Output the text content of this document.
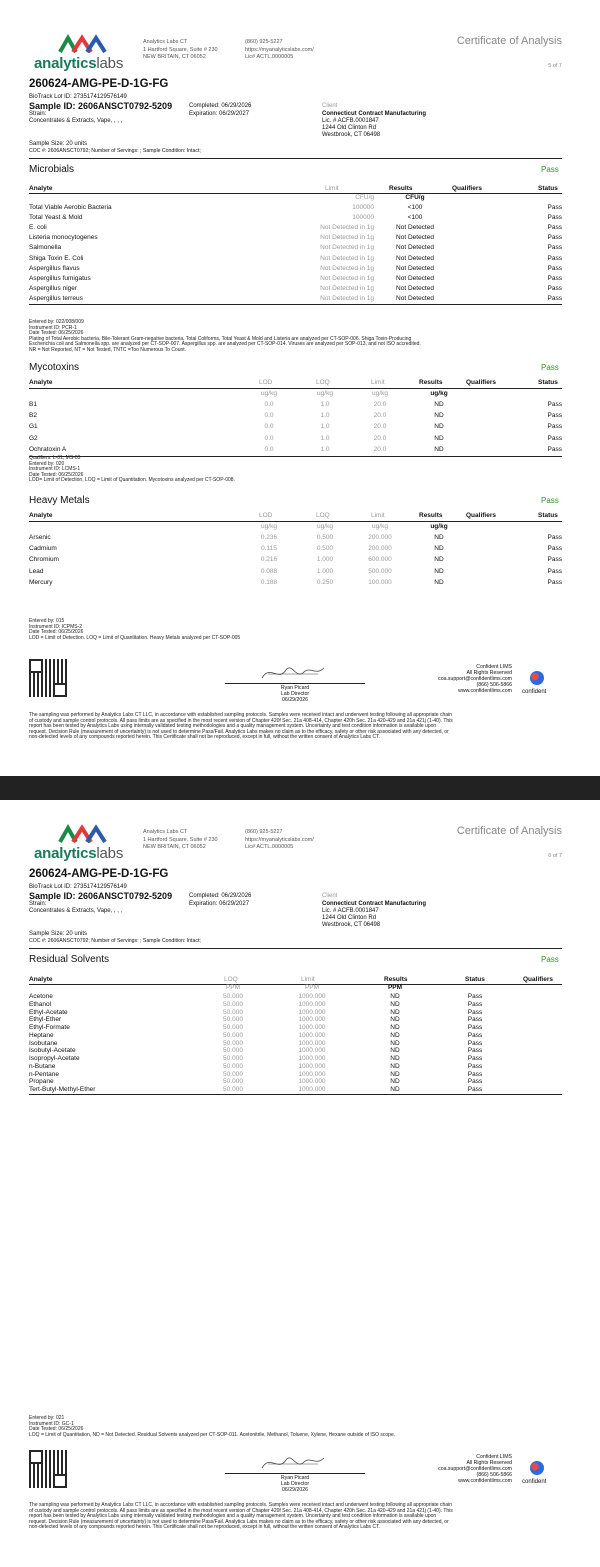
analyticslabs
Analytics Labs CT
1 Hartford Square, Suite # 230
NEW BRITAIN, CT 06052
(860) 925-5227
https://myanalyticslabs.com/
Lic# ACTL.0000005
Certificate of Analysis
5 of 7
260624-AMG-PE-D-1G-FG
BioTrack Lot ID: 2735174129576149
Sample ID: 2606ANSCT0792-5209	Completed: 06/29/2026
Expiration: 06/29/2027
Strain:
Concentrates & Extracts, Vape, , , ,
Client
Connecticut Contract Manufacturing
Lic. # ACFB.0001847
1244 Old Clinton Rd
Westbrook, CT 06498
Sample Size: 20 units
COC #: 2606ANSCT0792; Number of Servings: ; Sample Condition: Intact;
Microbials	Pass
Analyte	Limit	Results	Qualifiers	Status
CFU/g	CFU/g
Entered by: 022/008/009
Instrument ID: PCR-1
Date Tested: 06/25/2026
Plating of Total Aerobic bacteria, Bile-Tolerant Gram-negative bacteria, Total Coliforms, Total Yeast & Mold and Listeria are analyzed per CT-SOP-006. Shiga Toxin-Producing
Escherichia coli and Salmonella spp. are analyzed per CT-SOP-007. Aspergillus spp. are analyzed per CT-SOP-014. Viruses are analyzed per SOP-013, and not ISO accredited.
NR = Not Reported, NT = Not Tested, TNTC =Too Numerous To Count.
Mycotoxins	Pass
Analyte	LOD	LOQ	Limit	Results	Qualifiers	Status
ug/kg	ug/kg	ug/kg	ug/kg
Qualifiers: L-01, MS-03
Entered by: 020
Instrument ID: LCMS-1
Date Tested: 06/25/2026
LOD= Limit of Detection, LOQ = Limit of Quantitation. Mycotoxins analyzed per CT-SOP-008.
Heavy Metals	Pass
Analyte	LOD	LOQ	Limit	Results	Qualifiers	Status
ug/kg	ug/kg	ug/kg	ug/kg
Entered by: 015
Instrument ID: ICPMS-2
Date Tested: 06/25/2026
LOD = Limit of Detection. LOQ = Limit of Quantitation. Heavy Metals analyzed per CT-SOP-005
Ryan Picard
Lab Director
06/29/2026
Confident LIMS
All Rights Reserved
coa.support@confidentlims.com
(866) 506-5866
www.confidentlims.com confident
The sampling was performed by Analytics Labs CT LLC, in accordance with established sampling protocols. Samples were received intact and underwent testing following all appropriate chain
of custody and sample control protocols. All pass limits are as specified in the most recent version of Chapter 420f Sec. 21a 408-414, Chapter 420h Sec. 21a 420-429 and 21a 421j (1-40). This
report has been tested by Analytics Labs using internally validated testing methodologies and a quality management system. Uncertainty and test condition information is available upon
request. Decision Rule (measurement of uncertainty) is not used to determine Pass/Fail. Analytics Labs makes no claim as to the efficacy, safety or other risk associated with any detected, or
non-detected levels of any compounds reported herein. This Certificate shall not be reproduced, except in full, without the written consent of Analytics Labs CT.
Total Viable Aerobic Bacteria	100000	<100	Pass
Total Yeast & Mold	100000	<100	Pass
E. coli	Not Detected in 1g	Not Detected	Pass
Listeria monocytogenes	Not Detected in 1g	Not Detected	Pass
Salmonella	Not Detected in 1g	Not Detected	Pass
Shiga Toxin E. Coli	Not Detected in 1g	Not Detected	Pass
Aspergillus flavus	Not Detected in 1g	Not Detected	Pass
Aspergillus fumigatus	Not Detected in 1g	Not Detected	Pass
Aspergillus niger	Not Detected in 1g	Not Detected	Pass
Aspergillus terreus	Not Detected in 1g	Not Detected	Pass
B1	0.0	1.0	20.0	ND	Pass
B2	0.0	1.0	20.0	ND	Pass
G1	0.0	1.0	20.0	ND	Pass
G2	0.0	1.0	20.0	ND	Pass
Ochratoxin A	0.0	1.0	20.0	ND	Pass
Arsenic	0.236	0.500	200.000	ND	Pass
Cadmium	0.115	0.500	200.000	ND	Pass
Chromium	0.216	1.000	600.000	ND	Pass
Lead	0.088	1.000	500.000	ND	Pass
Mercury	0.188	0.250	100.000	ND	Pass
analyticslabs
Analytics Labs CT
1 Hartford Square, Suite # 230
NEW BRITAIN, CT 06052
(860) 925-5227
https://myanalyticslabs.com/
Lic# ACTL.0000005
Certificate of Analysis
6 of 7
260624-AMG-PE-D-1G-FG
BioTrack Lot ID: 2735174129576149
Sample ID: 2606ANSCT0792-5209	Completed: 06/29/2026
Expiration: 06/29/2027
Strain:
Concentrates & Extracts, Vape, , , ,
Client
Connecticut Contract Manufacturing
Lic. # ACFB.0001847
1244 Old Clinton Rd
Westbrook, CT 06498
Sample Size: 20 units
COC #: 2606ANSCT0792; Number of Servings: ; Sample Condition: Intact;
Residual Solvents	Pass
Analyte	LOQ	Limit	Results	Status	Qualifiers
PPM	PPM	PPM
Entered by: 021
Instrument ID: GC-1
Date Tested: 06/25/2026
LOQ = Limit of Quantitation, ND = Not Detected. Residual Solvents analyzed per CT-SOP-011. Acetonitrile, Methanol, Toluene, Xylene, Hexane outside of ISO scope.
Ryan Picard
Lab Director
06/29/2026
Confident LIMS
All Rights Reserved
coa.support@confidentlims.com
(866) 506-5866
www.confidentlims.com confident
The sampling was performed by Analytics Labs CT LLC, in accordance with established sampling protocols. Samples were received intact and underwent testing following all appropriate chain
of custody and sample control protocols. All pass limits are as specified in the most recent version of Chapter 420f Sec. 21a 408-414, Chapter 420h Sec. 21a 420-429 and 21a 421j (1-40). This
report has been tested by Analytics Labs using internally validated testing methodologies and a quality management system. Uncertainty and test condition information is available upon
request. Decision Rule (measurement of uncertainty) is not used to determine Pass/Fail. Analytics Labs makes no claim as to the efficacy, safety or other risk associated with any detected, or
non-detected levels of any compounds reported herein. This Certificate shall not be reproduced, except in full, without the written consent of Analytics Labs CT.
Acetone	50.000	1000.000	ND	Pass
Ethanol	50.000	1000.000	ND	Pass
Ethyl-Acetate	50.000	1000.000	ND	Pass
Ethyl-Ether	50.000	1000.000	ND	Pass
Ethyl-Formate	50.000	1000.000	ND	Pass
Heptane	50.000	1000.000	ND	Pass
Isobutane	50.000	1000.000	ND	Pass
Isobutyl-Acetate	50.000	1000.000	ND	Pass
Isopropyl-Acetate	50.000	1000.000	ND	Pass
n-Butane	50.000	1000.000	ND	Pass
n-Pentane	50.000	1000.000	ND	Pass
Propane	50.000	1000.000	ND	Pass
Tert-Butyl-Methyl-Ether	50.000	1000.000	ND	Pass
